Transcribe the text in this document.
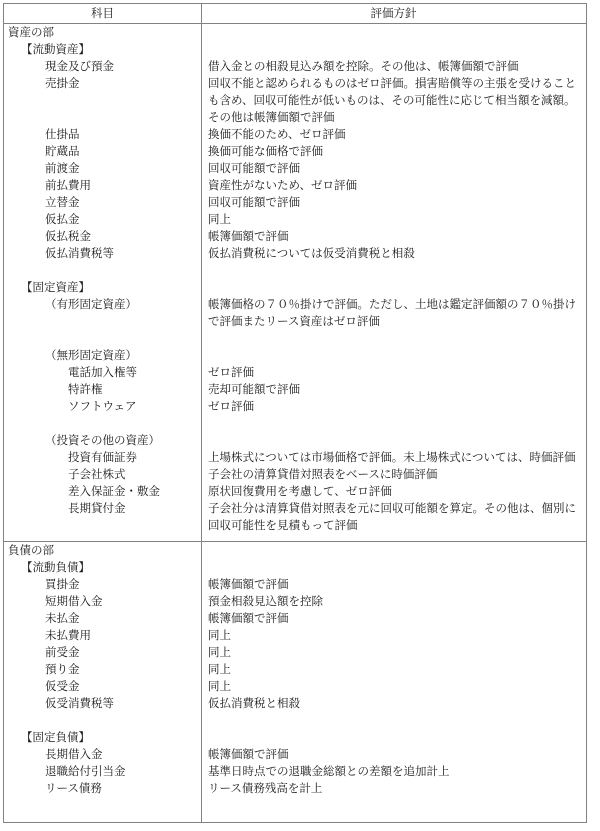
科目	評価方針
資産の部
【流動資産】
現金及び預金	借入金との相殺見込み額を控除。その他は、帳簿価額で評価
売掛金	回収不能と認められるものはゼロ評価。損害賠償等の主張を受けることも含め、回収可能性が低いものは、その可能性に応じて相当額を減額。その他は帳簿価額で評価
仕掛品	換価不能のため、ゼロ評価
貯蔵品	換価可能な価格で評価
前渡金	回収可能額で評価
前払費用	資産性がないため、ゼロ評価
立替金	回収可能額で評価
仮払金	同上
仮払税金	帳簿価額で評価
仮払消費税等	仮払消費税については仮受消費税と相殺
【固定資産】
（有形固定資産）	帳簿価格の７０％掛けで評価。ただし、土地は鑑定評価額の７０％掛けで評価またリース資産はゼロ評価
（無形固定資産）
電話加入権等	ゼロ評価
特許権	売却可能額で評価
ソフトウェア	ゼロ評価
（投資その他の資産）
投資有価証券	上場株式については市場価格で評価。未上場株式については、時価評価
子会社株式	子会社の清算貸借対照表をベースに時価評価
差入保証金・敷金	原状回復費用を考慮して、ゼロ評価
長期貸付金	子会社分は清算貸借対照表を元に回収可能額を算定。その他は、個別に回収可能性を見積もって評価
負債の部
【流動負債】
買掛金	帳簿価額で評価
短期借入金	預金相殺見込額を控除
未払金	帳簿価額で評価
未払費用	同上
前受金	同上
預り金	同上
仮受金	同上
仮受消費税等	仮払消費税と相殺
【固定負債】
長期借入金	帳簿価額で評価
退職給付引当金	基準日時点での退職金総額との差額を追加計上
リース債務	リース債務残高を計上
